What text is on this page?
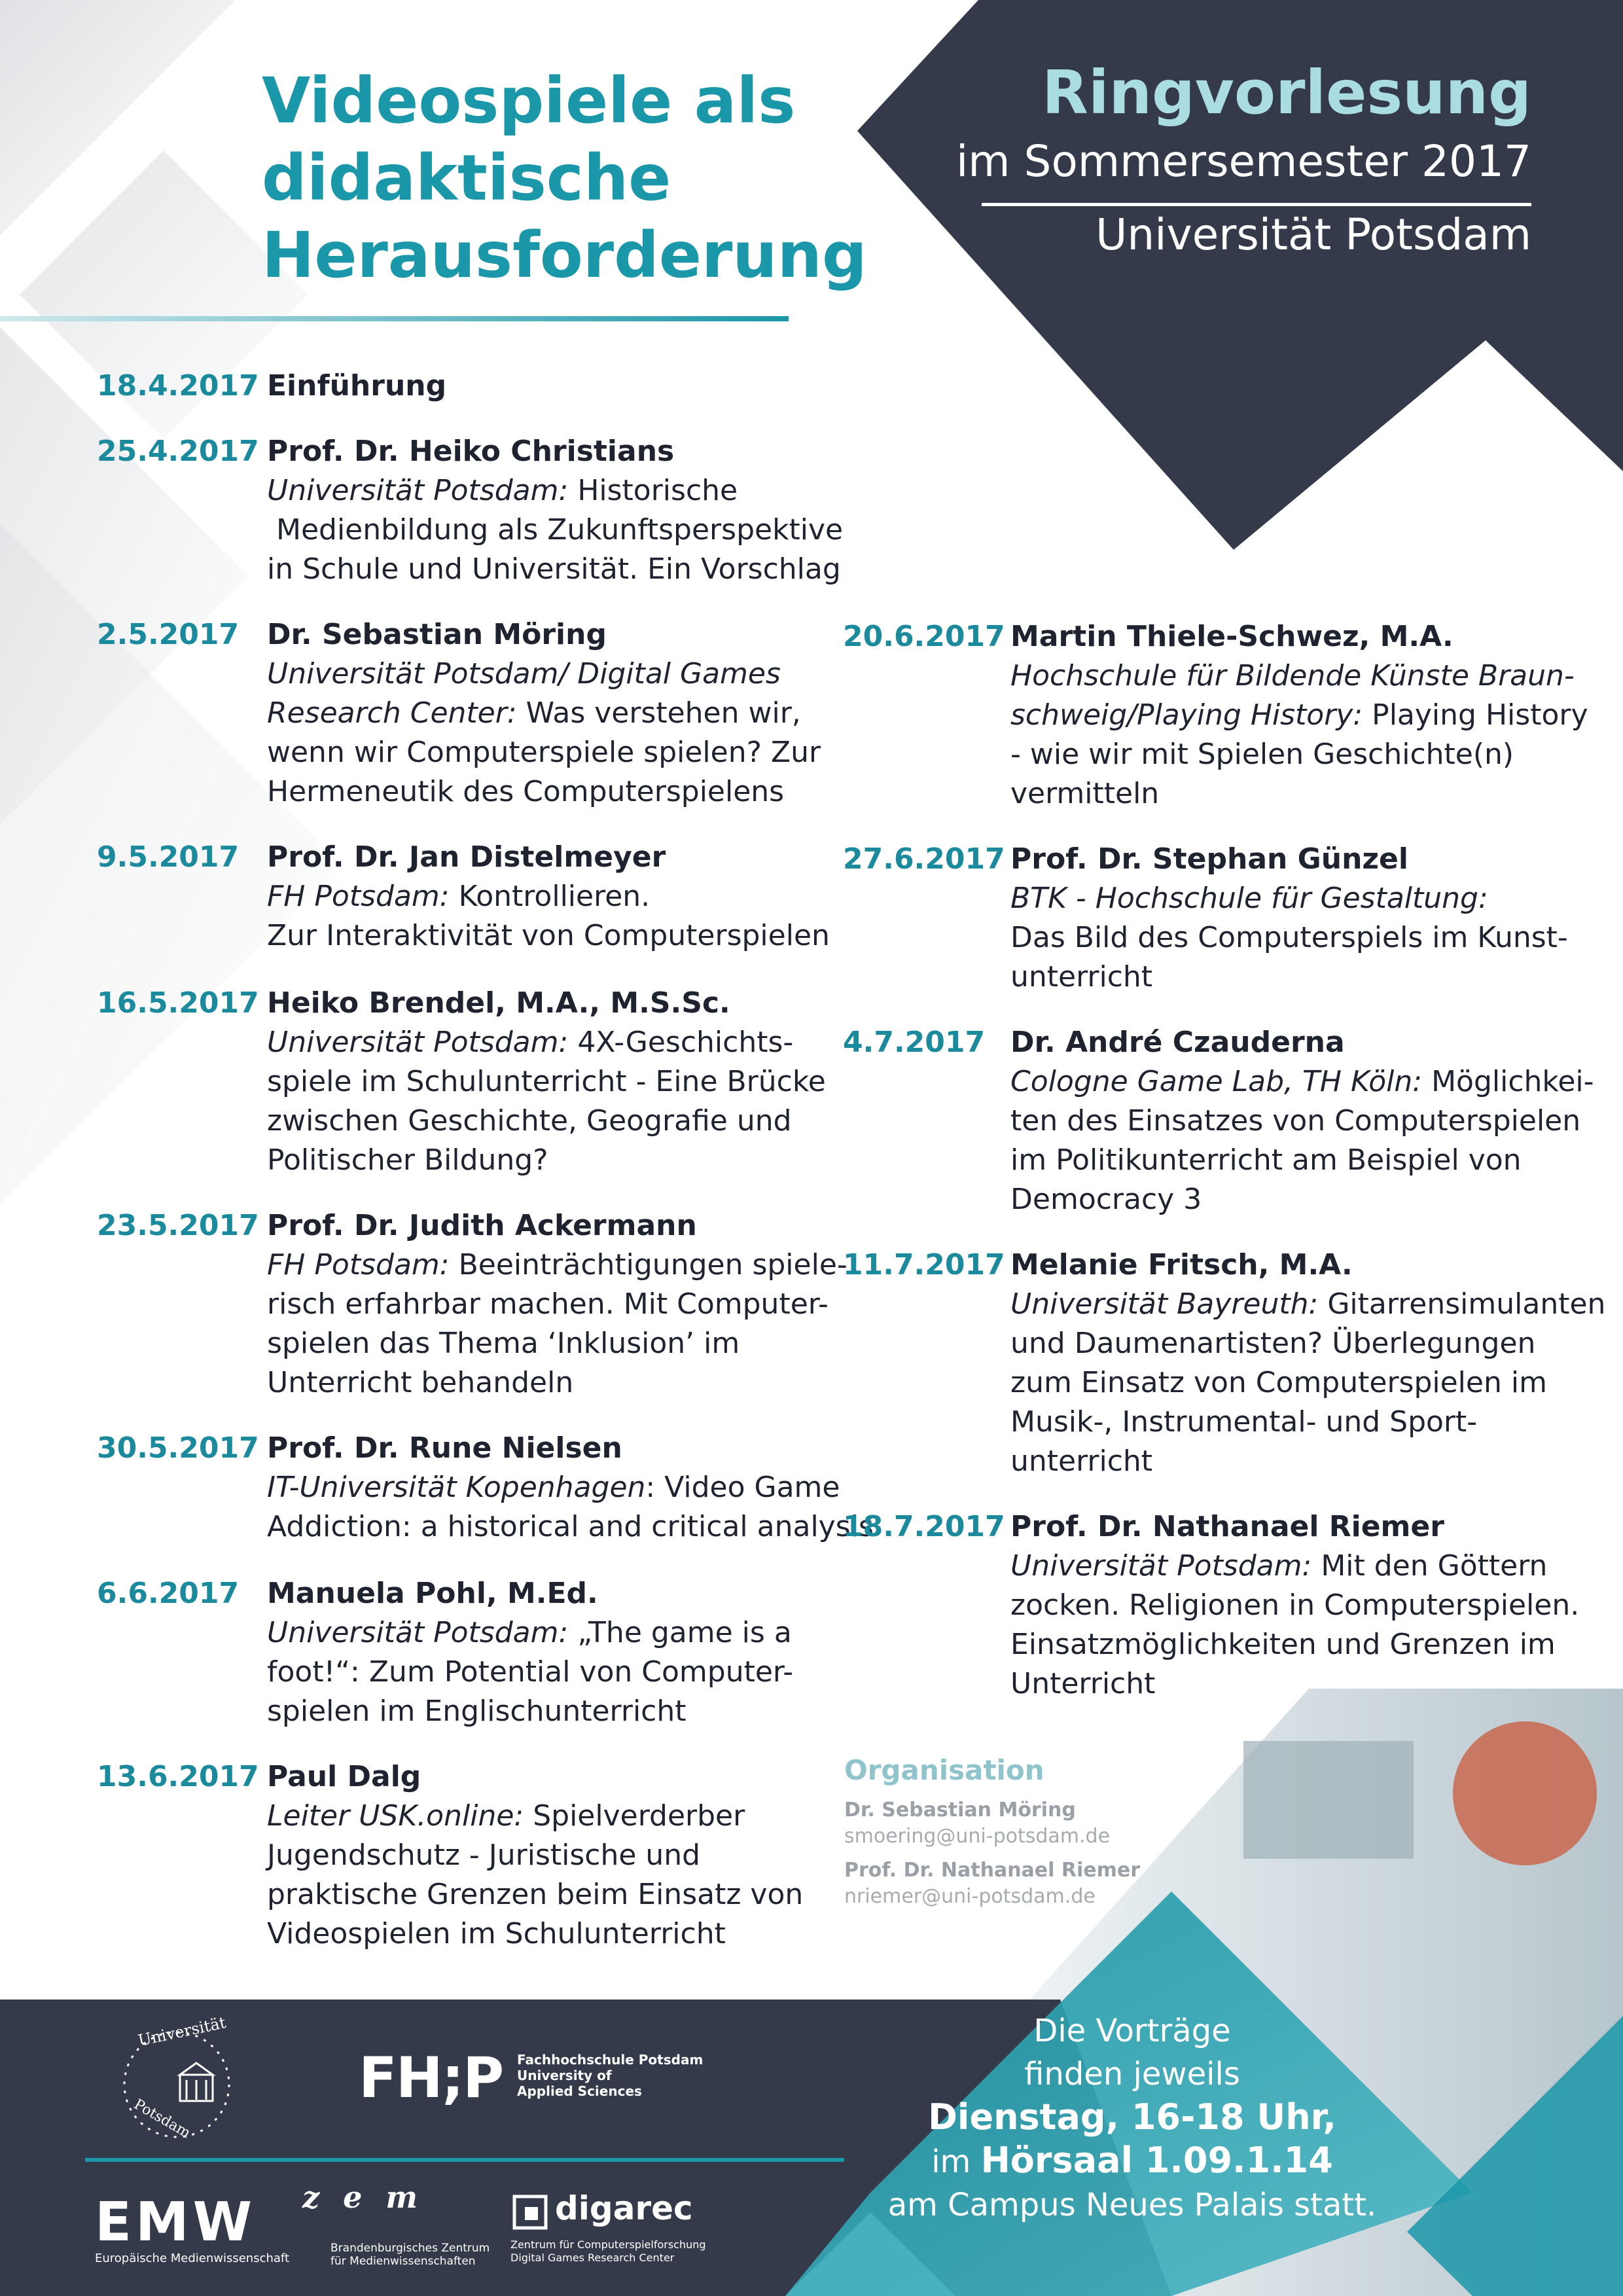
Videospiele als
didaktische
Herausforderung
Ringvorlesung
im Sommersemester 2017
Universität Potsdam
18.4.2017 Einführung
25.4.2017 Prof. Dr. Heiko Christians
Universität Potsdam: Historische
Medienbildung als Zukunftsperspektive
in Schule und Universität. Ein Vorschlag
2.5.2017 Dr. Sebastian Möring
Universität Potsdam/ Digital Games
Research Center: Was verstehen wir,
wenn wir Computerspiele spielen? Zur
Hermeneutik des Computerspielens
9.5.2017 Prof. Dr. Jan Distelmeyer
FH Potsdam: Kontrollieren.
Zur Interaktivität von Computerspielen
16.5.2017 Heiko Brendel, M.A., M.S.Sc.
Universität Potsdam: 4X-Geschichts-
spiele im Schulunterricht - Eine Brücke
zwischen Geschichte, Geografie und
Politischer Bildung?
23.5.2017 Prof. Dr. Judith Ackermann
FH Potsdam: Beeinträchtigungen spiele-
risch erfahrbar machen. Mit Computer-
spielen das Thema ‘Inklusion’ im
Unterricht behandeln
30.5.2017 Prof. Dr. Rune Nielsen
IT-Universität Kopenhagen: Video Game
Addiction: a historical and critical analysis
6.6.2017 Manuela Pohl, M.Ed.
Universität Potsdam: „The game is a
foot!“: Zum Potential von Computer-
spielen im Englischunterricht
13.6.2017 Paul Dalg
Leiter USK.online: Spielverderber
Jugendschutz - Juristische und
praktische Grenzen beim Einsatz von
Videospielen im Schulunterricht
20.6.2017 Martin Thiele-Schwez, M.A.
Hochschule für Bildende Künste Braun-
schweig/Playing History: Playing History
- wie wir mit Spielen Geschichte(n)
vermitteln
27.6.2017 Prof. Dr. Stephan Günzel
BTK - Hochschule für Gestaltung:
Das Bild des Computerspiels im Kunst-
unterricht
4.7.2017 Dr. André Czauderna
Cologne Game Lab, TH Köln: Möglichkei-
ten des Einsatzes von Computerspielen
im Politikunterricht am Beispiel von
Democracy 3
11.7.2017 Melanie Fritsch, M.A.
Universität Bayreuth: Gitarrensimulanten
und Daumenartisten? Überlegungen
zum Einsatz von Computerspielen im
Musik-, Instrumental- und Sport-
unterricht
18.7.2017 Prof. Dr. Nathanael Riemer
Universität Potsdam: Mit den Göttern
zocken. Religionen in Computerspielen.
Einsatzmöglichkeiten und Grenzen im
Unterricht
Organisation
Dr. Sebastian Möring
smoering@uni-potsdam.de
Prof. Dr. Nathanael Riemer
nriemer@uni-potsdam.de
Die Vorträge
finden jeweils
Dienstag, 16-18 Uhr,
im Hörsaal 1.09.1.14
am Campus Neues Palais statt.
Universität
Potsdam
FH;P Fachhochschule Potsdam
University of
Applied Sciences
EMW
Europäische Medienwissenschaft
z e m
Brandenburgisches Zentrum
für Medienwissenschaften
digarec
Zentrum für Computerspielforschung
Digital Games Research Center
